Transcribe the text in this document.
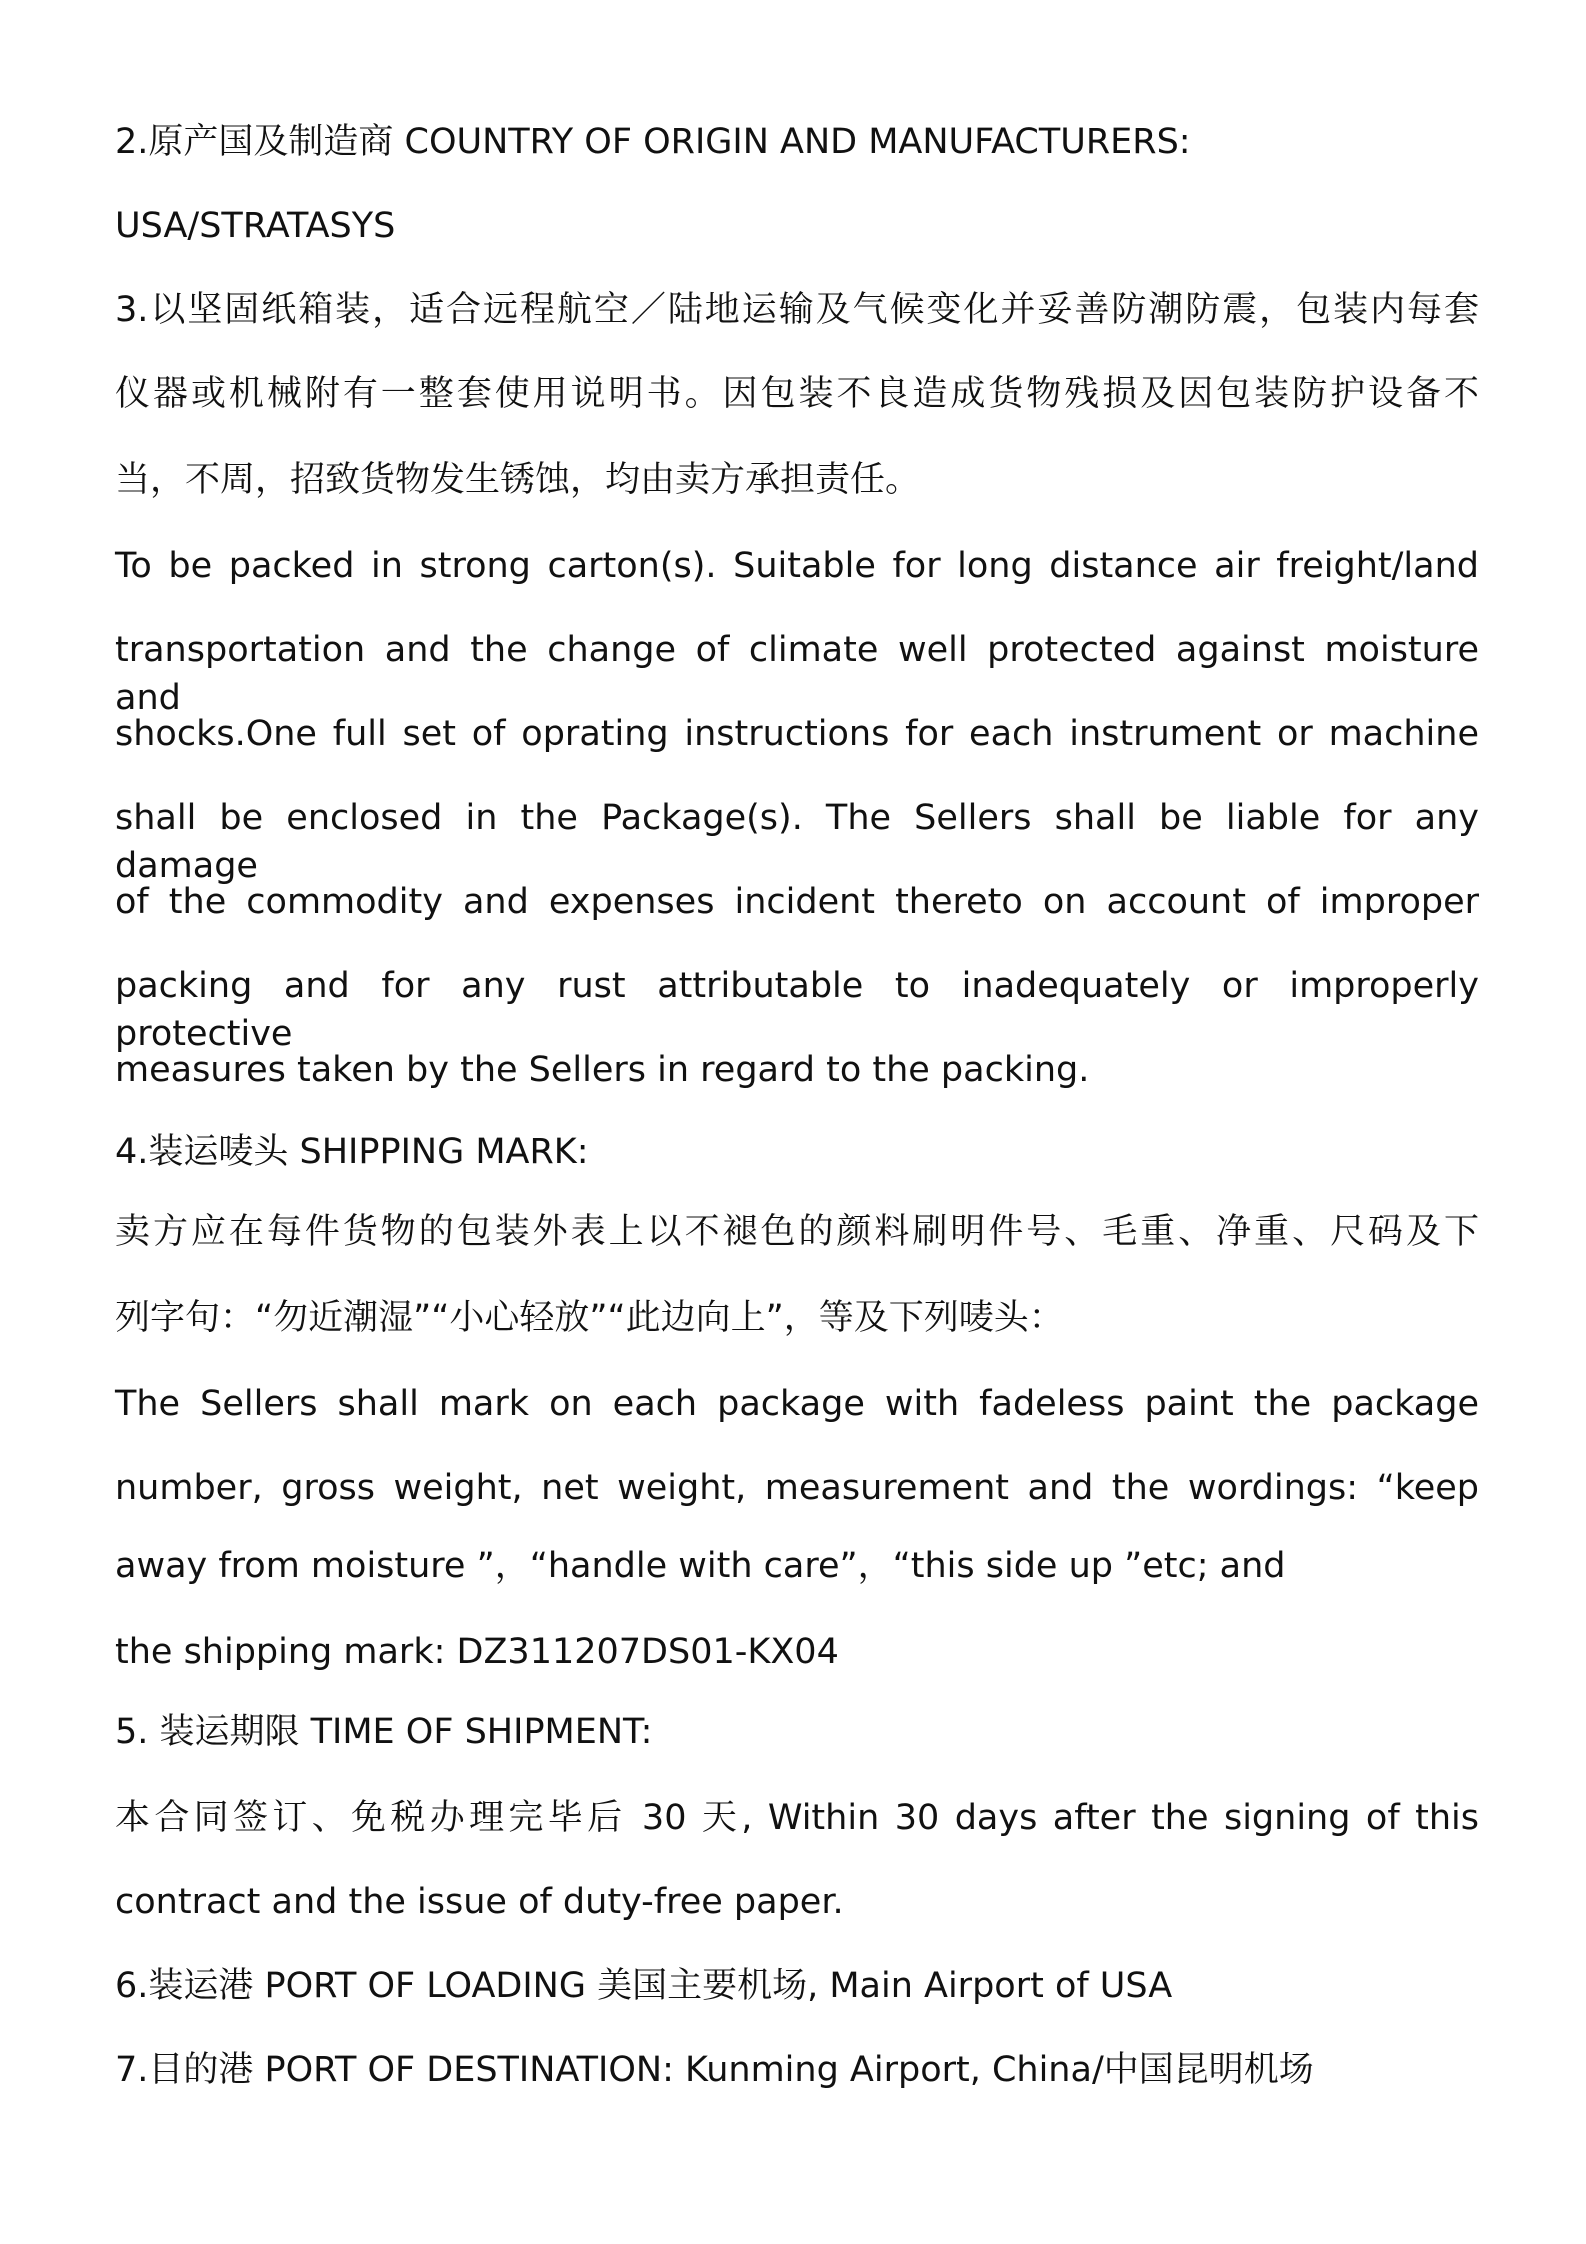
2.原产国及制造商 COUNTRY OF ORIGIN AND MANUFACTURERS:

USA/STRATASYS

3.以坚固纸箱装，适合远程航空／陆地运输及气候变化并妥善防潮防震，包装内每套

仪器或机械附有一整套使用说明书。因包装不良造成货物残损及因包装防护设备不

当，不周，招致货物发生锈蚀，均由卖方承担责任。

To be packed in strong carton(s). Suitable for long distance air freight/land

transportation and the change of climate well protected against moisture and

shocks.One full set of oprating instructions for each instrument or machine

shall be enclosed in the Package(s). The Sellers shall be liable for any damage

of the commodity and expenses incident thereto on account of improper

packing and for any rust attributable to inadequately or improperly protective

measures taken by the Sellers in regard to the packing.

4.装运唛头 SHIPPING MARK:

卖方应在每件货物的包装外表上以不褪色的颜料刷明件号、毛重、净重、尺码及下

列字句：“勿近潮湿”“小心轻放”“此边向上”，等及下列唛头：

The Sellers shall mark on each package with fadeless paint the package

number, gross weight, net weight, measurement and the wordings: “keep

away from moisture ”，“handle with care”，“this side up ”etc; and

the shipping mark: DZ311207DS01-KX04

5. 装运期限 TIME OF SHIPMENT:

本合同签订、免税办理完毕后 30 天, Within 30 days after the signing of this

contract and the issue of duty-free paper.

6.装运港 PORT OF LOADING 美国主要机场, Main Airport of USA

7.目的港 PORT OF DESTINATION: Kunming Airport, China/中国昆明机场
